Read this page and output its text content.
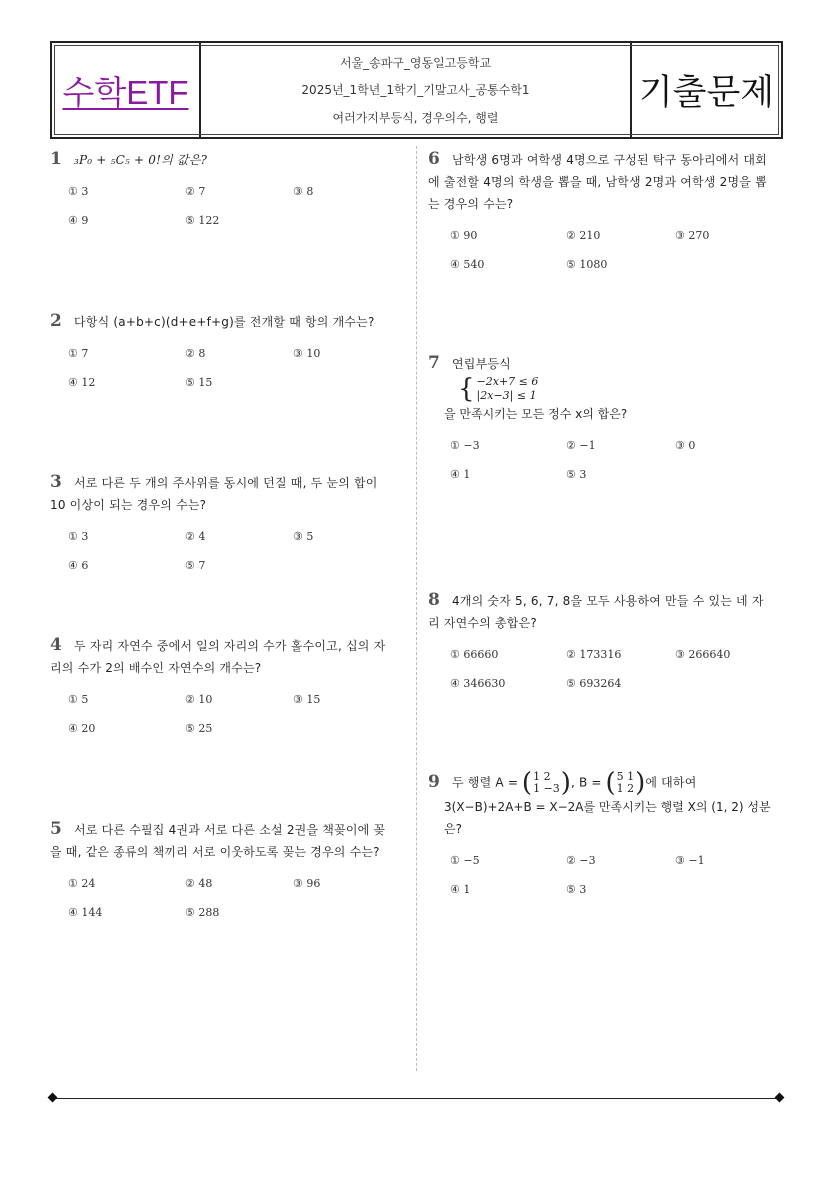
수학ETF
서울_송파구_영동일고등학교
2025년_1학년_1학기_기말고사_공통수학1
여러가지부등식, 경우의수, 행렬
기출문제
1 ₃P₀ + ₅C₅ + 0!의 값은?
① 3	② 7	③ 8
④ 9	⑤ 122
2 다항식 (a+b+c)(d+e+f+g)를 전개할 때 항의 개수는?
① 7	② 8	③ 10
④ 12	⑤ 15
3 서로 다른 두 개의 주사위를 동시에 던질 때, 두 눈의 합이 10 이상이 되는 경우의 수는?
① 3	② 4	③ 5
④ 6	⑤ 7
4 두 자리 자연수 중에서 일의 자리의 수가 홀수이고, 십의 자리의 수가 2의 배수인 자연수의 개수는?
① 5	② 10	③ 15
④ 20	⑤ 25
5 서로 다른 수필집 4권과 서로 다른 소설 2권을 책꽂이에 꽂을 때, 같은 종류의 책끼리 서로 이웃하도록 꽂는 경우의 수는?
① 24	② 48	③ 96
④ 144	⑤ 288
6 남학생 6명과 여학생 4명으로 구성된 탁구 동아리에서 대회에 출전할 4명의 학생을 뽑을 때, 남학생 2명과 여학생 2명을 뽑는 경우의 수는?
① 90	② 210	③ 270
④ 540	⑤ 1080
7 연립부등식
{ −2x+7 ≤ 6
|2x−3| ≤ 1
을 만족시키는 모든 정수 x의 합은?
① −3	② −1	③ 0
④ 1	⑤ 3
8 4개의 숫자 5, 6, 7, 8을 모두 사용하여 만들 수 있는 네 자리 자연수의 총합은?
① 66660	② 173316	③ 266640
④ 346630	⑤ 693264
9 두 행렬 A = ( 1 2
1 −3 ) , B = ( 5 1
1 2 ) 에 대하여
3(X−B)+2A+B = X−2A를 만족시키는 행렬 X의 (1, 2) 성분은?
① −5	② −3	③ −1
④ 1	⑤ 3
